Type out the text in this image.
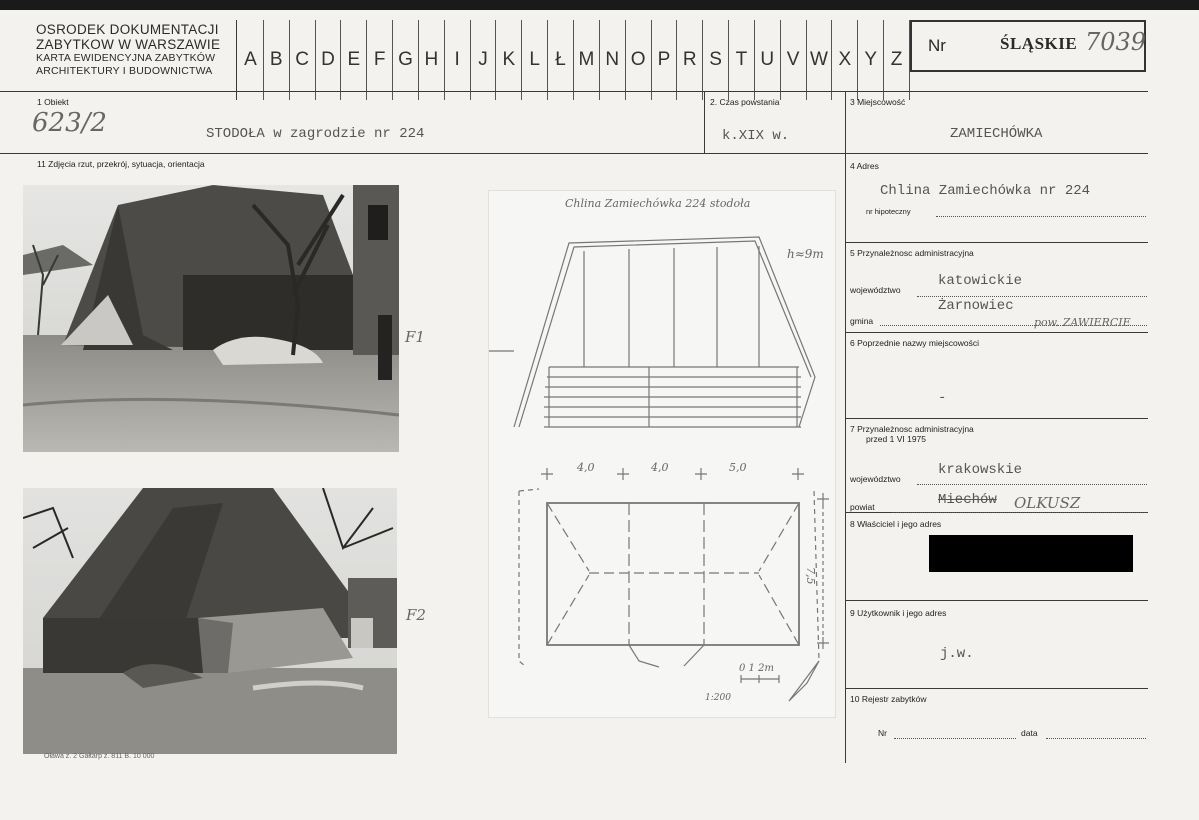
OSRODEK DOKUMENTACJI
ZABYTKOW W WARSZAWIE
KARTA EWIDENCYJNA ZABYTKÓW
ARCHITEKTURY I BUDOWNICTWA
A B C D E F G H I J K L Ł M N O P R S T U V W X Y Z
Nr	ŚLĄSKIE 7039
1 Obiekt
623/2	STODOŁA w zagrodzie nr 224
2. Czas powstania
k.XIX w.
3 Miejscowość
ZAMIECHÓWKA
11 Zdjęcia rzut, przekrój, sytuacja, orientacja	4 Adres
Chlina Zamiechówka nr 224
nr hipoteczny
5 Przynależnosc administracyjna
województwo
katowickie
gmina
Żarnowiec
pow. ZAWIERCIE
6 Poprzednie nazwy miejscowości
-
7 Przynależnosc administracyjna
przed 1 VI 1975
województwo
krakowskie
powiat	Miechów OLKUSZ
8 Właściciel i jego adres
9 Użytkownik i jego adres
j.w.
10 Rejestr zabytków
Nr	data
F1
F2
Oława z. 2 Gałtarp z. 811 B. 10 000
Chlina Zamiechówka 224 stodoła
h≈9m
4,0	4,0	5,0
7,5
0 1 2m
1:200
